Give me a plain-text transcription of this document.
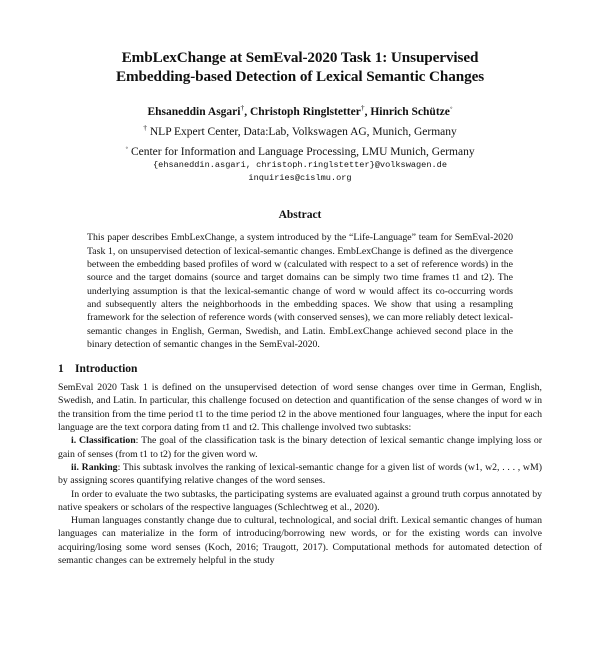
EmbLexChange at SemEval-2020 Task 1: Unsupervised
Embedding-based Detection of Lexical Semantic Changes
Ehsaneddin Asgari†, Christoph Ringlstetter†, Hinrich Schütze◦
† NLP Expert Center, Data:Lab, Volkswagen AG, Munich, Germany
◦ Center for Information and Language Processing, LMU Munich, Germany
{ehsaneddin.asgari, christoph.ringlstetter}@volkswagen.de
inquiries@cislmu.org
Abstract
This paper describes EmbLexChange, a system introduced by the “Life-Language” team for SemEval-2020 Task 1, on unsupervised detection of lexical-semantic changes. EmbLexChange is defined as the divergence between the embedding based profiles of word w (calculated with respect to a set of reference words) in the source and the target domains (source and target domains can be simply two time frames t1 and t2). The underlying assumption is that the lexical-semantic change of word w would affect its co-occurring words and subsequently alters the neighborhoods in the embedding spaces. We show that using a resampling framework for the selection of reference words (with conserved senses), we can more reliably detect lexical-semantic changes in English, German, Swedish, and Latin. EmbLexChange achieved second place in the binary detection of semantic changes in the SemEval-2020.
1 Introduction

SemEval 2020 Task 1 is defined on the unsupervised detection of word sense changes over time in German, English, Swedish, and Latin. In particular, this challenge focused on detection and quantification of the sense changes of word w in the transition from the time period t1 to the time period t2 in the above mentioned four languages, where the input for each language are the text corpora dating from t1 and t2. This challenge involved two subtasks:

i. Classification: The goal of the classification task is the binary detection of lexical semantic change implying loss or gain of senses (from t1 to t2) for the given word w.

ii. Ranking: This subtask involves the ranking of lexical-semantic change for a given list of words (w1, w2, . . . , wM) by assigning scores quantifying relative changes of the word senses.

In order to evaluate the two subtasks, the participating systems are evaluated against a ground truth corpus annotated by native speakers or scholars of the respective languages (Schlechtweg et al., 2020).

Human languages constantly change due to cultural, technological, and social drift. Lexical semantic changes of human languages can materialize in the form of introducing/borrowing new words, or for the existing words can involve acquiring/losing some word senses (Koch, 2016; Traugott, 2017). Computational methods for automated detection of semantic changes can be extremely helpful in the study
